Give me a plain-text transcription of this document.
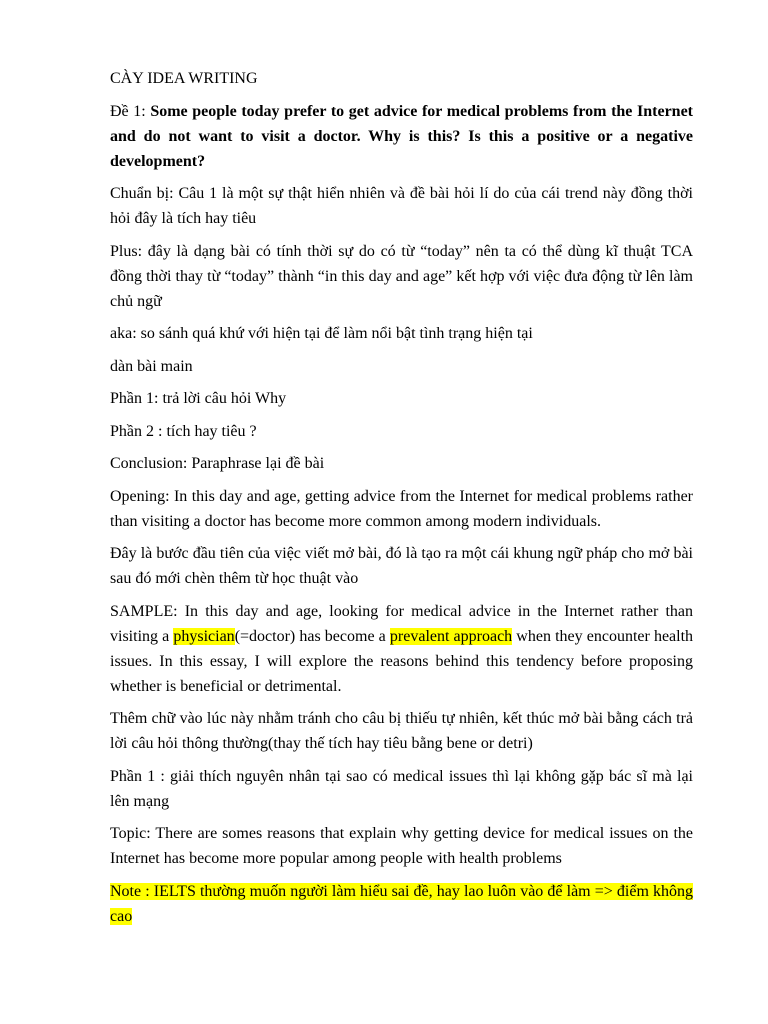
CÀY IDEA WRITING

Đề 1: Some people today prefer to get advice for medical problems from the Internet and do not want to visit a doctor. Why is this? Is this a positive or a negative development?

Chuẩn bị: Câu 1 là một sự thật hiển nhiên và đề bài hỏi lí do của cái trend này đồng thời hỏi đây là tích hay tiêu

Plus: đây là dạng bài có tính thời sự do có từ “today” nên ta có thể dùng kĩ thuật TCA đồng thời thay từ “today” thành “in this day and age” kết hợp với việc đưa động từ lên làm chủ ngữ

aka: so sánh quá khứ với hiện tại để làm nổi bật tình trạng hiện tại

dàn bài main

Phần 1: trả lời câu hỏi Why

Phần 2 : tích hay tiêu ?

Conclusion: Paraphrase lại đề bài

Opening: In this day and age, getting advice from the Internet for medical problems rather than visiting a doctor has become more common among modern individuals.

Đây là bước đầu tiên của việc viết mở bài, đó là tạo ra một cái khung ngữ pháp cho mở bài sau đó mới chèn thêm từ học thuật vào

SAMPLE: In this day and age, looking for medical advice in the Internet rather than visiting a physician(=doctor) has become a prevalent approach when they encounter health issues. In this essay, I will explore the reasons behind this tendency before proposing whether is beneficial or detrimental.

Thêm chữ vào lúc này nhằm tránh cho câu bị thiếu tự nhiên, kết thúc mở bài bằng cách trả lời câu hỏi thông thường(thay thế tích hay tiêu bằng bene or detri)

Phần 1 : giải thích nguyên nhân tại sao có medical issues thì lại không gặp bác sĩ mà lại lên mạng

Topic: There are somes reasons that explain why getting device for medical issues on the Internet has become more popular among people with health problems

Note : IELTS thường muốn người làm hiểu sai đề, hay lao luôn vào để làm => điểm không cao
